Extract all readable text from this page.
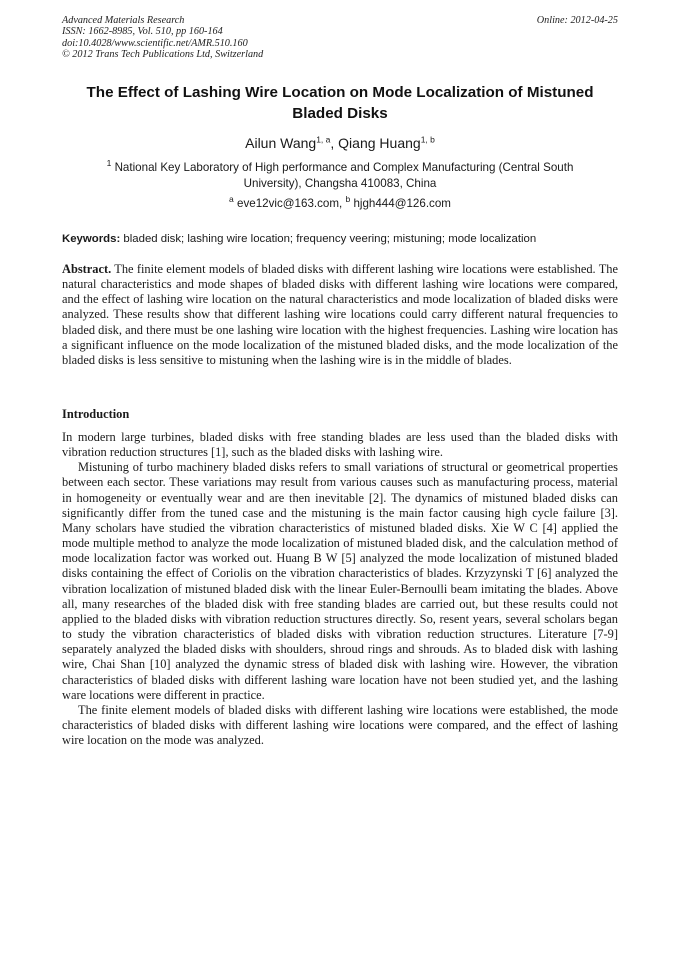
Advanced Materials Research
ISSN: 1662-8985, Vol. 510, pp 160-164
doi:10.4028/www.scientific.net/AMR.510.160
© 2012 Trans Tech Publications Ltd, Switzerland
Online: 2012-04-25
The Effect of Lashing Wire Location on Mode Localization of Mistuned Bladed Disks
Ailun Wang$^{1, a}$, Qiang Huang$^{1, b}$
$^1$ National Key Laboratory of High performance and Complex Manufacturing (Central South University), Changsha 410083, China
$^a$ eve12vic@163.com, $^b$ hjgh444@126.com
Keywords: bladed disk; lashing wire location; frequency veering; mistuning; mode localization
Abstract. The finite element models of bladed disks with different lashing wire locations were established. The natural characteristics and mode shapes of bladed disks with different lashing wire locations were compared, and the effect of lashing wire location on the natural characteristics and mode localization of bladed disks were analyzed. These results show that different lashing wire locations could carry different natural frequencies to bladed disk, and there must be one lashing wire location with the highest frequencies. Lashing wire location has a significant influence on the mode localization of the mistuned bladed disks, and the mode localization of the bladed disks is less sensitive to mistuning when the lashing wire is in the middle of blades.
Introduction

In modern large turbines, bladed disks with free standing blades are less used than the bladed disks with vibration reduction structures [1], such as the bladed disks with lashing wire.

Mistuning of turbo machinery bladed disks refers to small variations of structural or geometrical properties between each sector. These variations may result from various causes such as manufacturing process, material in homogeneity or eventually wear and are then inevitable [2]. The dynamics of mistuned bladed disks can significantly differ from the tuned case and the mistuning is the main factor causing high cycle failure [3]. Many scholars have studied the vibration characteristics of mistuned bladed disks. Xie W C [4] applied the mode multiple method to analyze the mode localization of mistuned bladed disk, and the calculation method of mode localization factor was worked out. Huang B W [5] analyzed the mode localization of mistuned bladed disks containing the effect of Coriolis on the vibration characteristics of blades. Krzyzynski T [6] analyzed the vibration localization of mistuned bladed disk with the linear Euler-Bernoulli beam imitating the blades. Above all, many researches of the bladed disk with free standing blades are carried out, but these results could not applied to the bladed disks with vibration reduction structures directly. So, resent years, several scholars began to study the vibration characteristics of bladed disks with vibration reduction structures. Literature [7-9] separately analyzed the bladed disks with shoulders, shroud rings and shrouds. As to bladed disk with lashing wire, Chai Shan [10] analyzed the dynamic stress of bladed disk with lashing wire. However, the vibration characteristics of bladed disks with different lashing ware location have not been studied yet, and the lashing ware locations were different in practice.

The finite element models of bladed disks with different lashing wire locations were established, the mode characteristics of bladed disks with different lashing wire locations were compared, and the effect of lashing wire location on the mode was analyzed.
